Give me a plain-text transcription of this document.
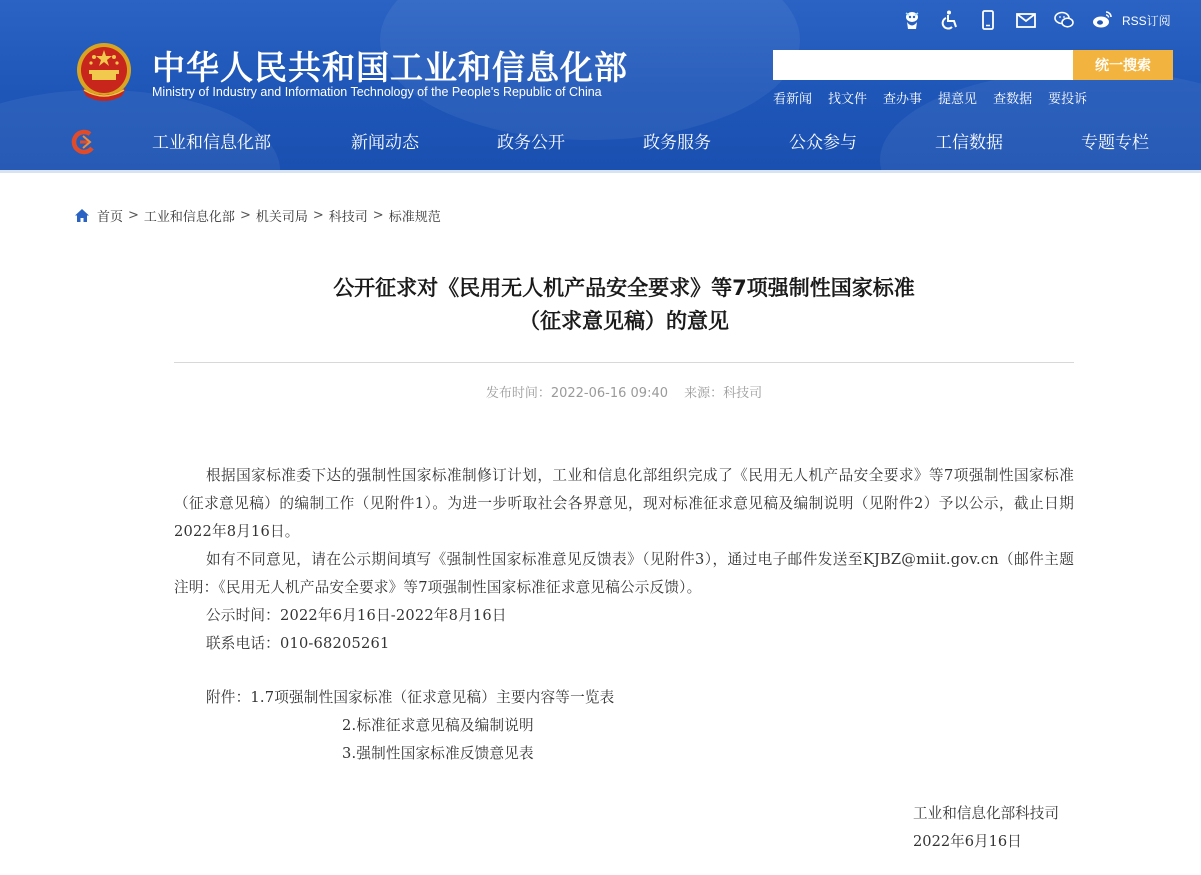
中华人民共和国工业和信息化部
Ministry of Industry and Information Technology of the People's Republic of China
RSS订阅
统一搜索
看新闻 找文件 查办事 提意见 查数据 要投诉
工业和信息化部	新闻动态	政务公开	政务服务	公众参与	工信数据	专题专栏
首页 > 工业和信息化部 > 机关司局 > 科技司 > 标准规范
公开征求对《民用无人机产品安全要求》等7项强制性国家标准
（征求意见稿）的意见
发布时间：2022-06-16 09:40 来源：科技司

根据国家标准委下达的强制性国家标准制修订计划，工业和信息化部组织完成了《民用无人机产品安全要求》等7项强制性国家标准（征求意见稿）的编制工作（见附件1）。为进一步听取社会各界意见，现对标准征求意见稿及编制说明（见附件2）予以公示，截止日期2022年8月16日。

如有不同意见，请在公示期间填写《强制性国家标准意见反馈表》（见附件3），通过电子邮件发送至KJBZ@miit.gov.cn（邮件主题注明：《民用无人机产品安全要求》等7项强制性国家标准征求意见稿公示反馈）。

公示时间：2022年6月16日-2022年8月16日

联系电话：010-68205261

附件：1.7项强制性国家标准（征求意见稿）主要内容等一览表

2.标准征求意见稿及编制说明

3.强制性国家标准反馈意见表

工业和信息化部科技司
2022年6月16日
